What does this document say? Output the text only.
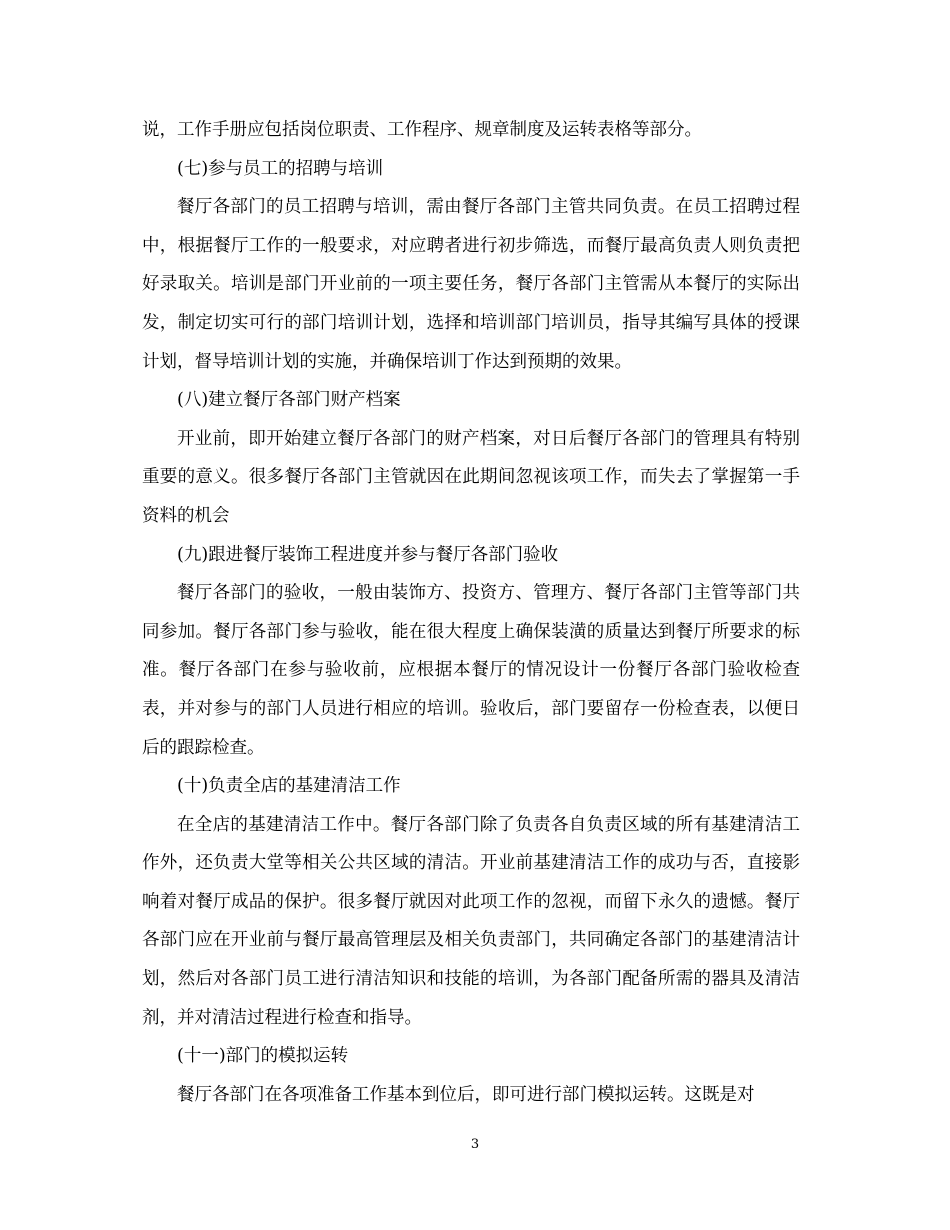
说，工作手册应包括岗位职责、工作程序、规章制度及运转表格等部分。

(七)参与员工的招聘与培训

餐厅各部门的员工招聘与培训，需由餐厅各部门主管共同负责。在员工招聘过程中，根据餐厅工作的一般要求，对应聘者进行初步筛选，而餐厅最高负责人则负责把好录取关。培训是部门开业前的一项主要任务，餐厅各部门主管需从本餐厅的实际出发，制定切实可行的部门培训计划，选择和培训部门培训员，指导其编写具体的授课计划，督导培训计划的实施，并确保培训丁作达到预期的效果。

(八)建立餐厅各部门财产档案

开业前，即开始建立餐厅各部门的财产档案，对日后餐厅各部门的管理具有特别重要的意义。很多餐厅各部门主管就因在此期间忽视该项工作，而失去了掌握第一手资料的机会

(九)跟进餐厅装饰工程进度并参与餐厅各部门验收

餐厅各部门的验收，一般由装饰方、投资方、管理方、餐厅各部门主管等部门共同参加。餐厅各部门参与验收，能在很大程度上确保装潢的质量达到餐厅所要求的标准。餐厅各部门在参与验收前，应根据本餐厅的情况设计一份餐厅各部门验收检查表，并对参与的部门人员进行相应的培训。验收后，部门要留存一份检查表，以便日后的跟踪检查。

(十)负责全店的基建清洁工作

在全店的基建清洁工作中。餐厅各部门除了负责各自负责区域的所有基建清洁工作外，还负责大堂等相关公共区域的清洁。开业前基建清洁工作的成功与否，直接影响着对餐厅成品的保护。很多餐厅就因对此项工作的忽视，而留下永久的遗憾。餐厅各部门应在开业前与餐厅最高管理层及相关负责部门，共同确定各部门的基建清洁计划，然后对各部门员工进行清洁知识和技能的培训，为各部门配备所需的器具及清洁剂，并对清洁过程进行检查和指导。

(十一)部门的模拟运转

餐厅各部门在各项准备工作基本到位后，即可进行部门模拟运转。这既是对

3
